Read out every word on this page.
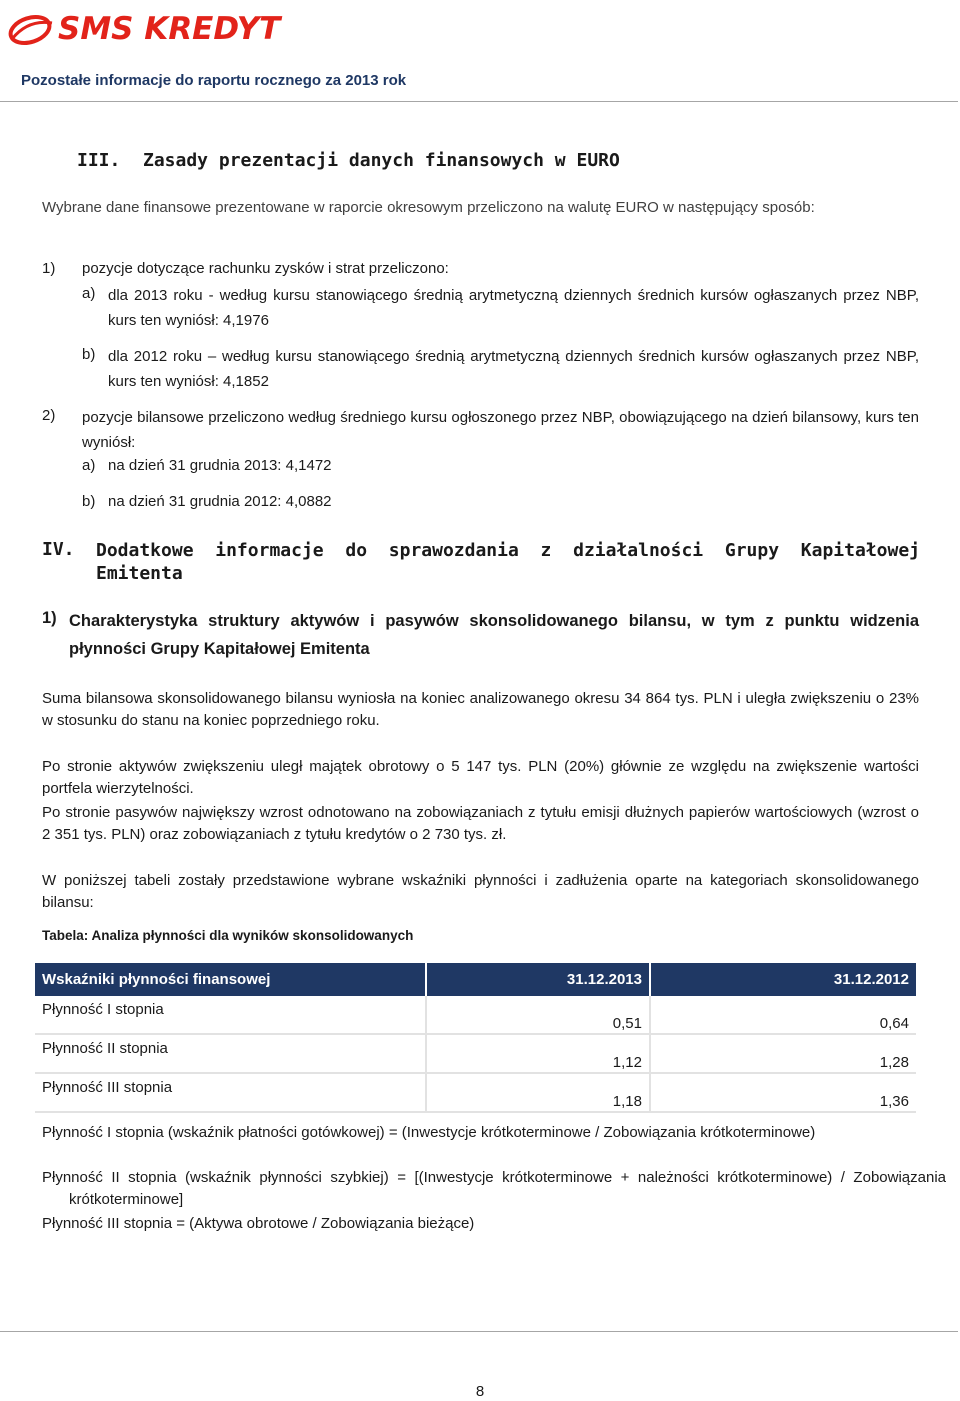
SMS KREDYT
Pozostałe informacje do raportu rocznego za 2013 rok
III. Zasady prezentacji danych finansowych w EURO
Wybrane dane finansowe prezentowane w raporcie okresowym przeliczono na walutę EURO w następujący sposób:
1) pozycje dotyczące rachunku zysków i strat przeliczono:
a) dla 2013 roku - według kursu stanowiącego średnią arytmetyczną dziennych średnich kursów ogłaszanych przez NBP, kurs ten wyniósł: 4,1976
b) dla 2012 roku – według kursu stanowiącego średnią arytmetyczną dziennych średnich kursów ogłaszanych przez NBP, kurs ten wyniósł: 4,1852
2) pozycje bilansowe przeliczono według średniego kursu ogłoszonego przez NBP, obowiązującego na dzień bilansowy, kurs ten wyniósł:
a) na dzień 31 grudnia 2013: 4,1472
b) na dzień 31 grudnia 2012: 4,0882
IV. Dodatkowe informacje do sprawozdania z działalności Grupy Kapitałowej Emitenta
1) Charakterystyka struktury aktywów i pasywów skonsolidowanego bilansu, w tym z punktu widzenia płynności Grupy Kapitałowej Emitenta
Suma bilansowa skonsolidowanego bilansu wyniosła na koniec analizowanego okresu 34 864 tys. PLN i uległa zwiększeniu o 23% w stosunku do stanu na koniec poprzedniego roku.
Po stronie aktywów zwiększeniu uległ majątek obrotowy o 5 147 tys. PLN (20%) głównie ze względu na zwiększenie wartości portfela wierzytelności.
Po stronie pasywów największy wzrost odnotowano na zobowiązaniach z tytułu emisji dłużnych papierów wartościowych (wzrost o 2 351 tys. PLN) oraz zobowiązaniach z tytułu kredytów o 2 730 tys. zł.
W poniższej tabeli zostały przedstawione wybrane wskaźniki płynności i zadłużenia oparte na kategoriach skonsolidowanego bilansu:
Tabela: Analiza płynności dla wyników skonsolidowanych
Wskaźniki płynności finansowej	31.12.2013	31.12.2012
Płynność I stopnia	0,51	0,64
Płynność II stopnia	1,12	1,28
Płynność III stopnia	1,18	1,36
Płynność I stopnia (wskaźnik płatności gotówkowej) = (Inwestycje krótkoterminowe / Zobowiązania krótkoterminowe)
Płynność II stopnia (wskaźnik płynności szybkiej) = [(Inwestycje krótkoterminowe + należności krótkoterminowe) / Zobowiązania krótkoterminowe]
Płynność III stopnia = (Aktywa obrotowe / Zobowiązania bieżące)
8
